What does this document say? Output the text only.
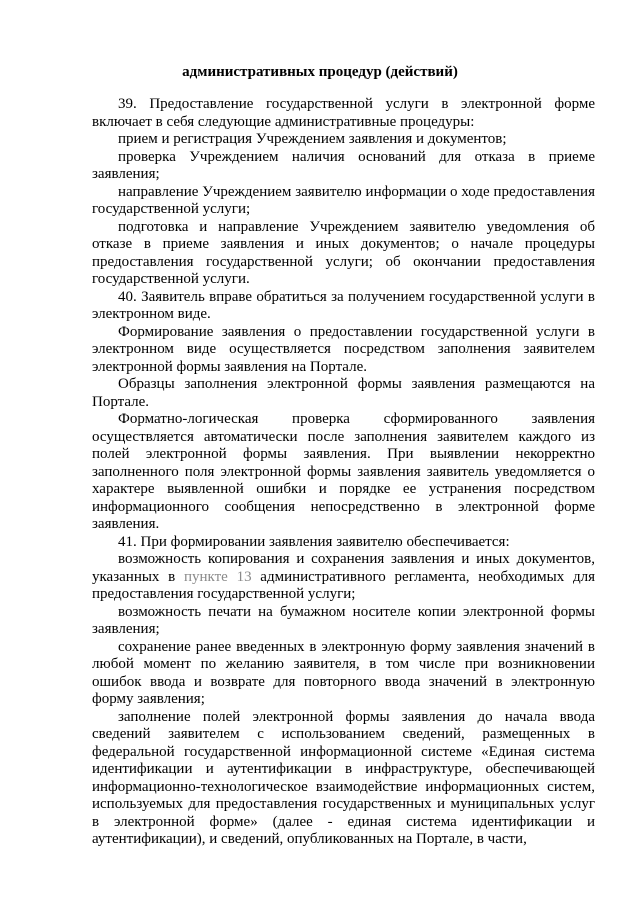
административных процедур (действий)

39. Предоставление государственной услуги в электронной форме включает в себя следующие административные процедуры:

прием и регистрация Учреждением заявления и документов;

проверка Учреждением наличия оснований для отказа в приеме заявления;

направление Учреждением заявителю информации о ходе предоставления государственной услуги;

подготовка и направление Учреждением заявителю уведомления об отказе в приеме заявления и иных документов; о начале процедуры предоставления государственной услуги; об окончании предоставления государственной услуги.

40. Заявитель вправе обратиться за получением государственной услуги в электронном виде.

Формирование заявления о предоставлении государственной услуги в электронном виде осуществляется посредством заполнения заявителем электронной формы заявления на Портале.

Образцы заполнения электронной формы заявления размещаются на Портале.

Форматно-логическая проверка сформированного заявления осуществляется автоматически после заполнения заявителем каждого из полей электронной формы заявления. При выявлении некорректно заполненного поля электронной формы заявления заявитель уведомляется о характере выявленной ошибки и порядке ее устранения посредством информационного сообщения непосредственно в электронной форме заявления.

41. При формировании заявления заявителю обеспечивается:

возможность копирования и сохранения заявления и иных документов, указанных в пункте 13 административного регламента, необходимых для предоставления государственной услуги;

возможность печати на бумажном носителе копии электронной формы заявления;

сохранение ранее введенных в электронную форму заявления значений в любой момент по желанию заявителя, в том числе при возникновении ошибок ввода и возврате для повторного ввода значений в электронную форму заявления;

заполнение полей электронной формы заявления до начала ввода сведений заявителем с использованием сведений, размещенных в федеральной государственной информационной системе «Единая система идентификации и аутентификации в инфраструктуре, обеспечивающей информационно-технологическое взаимодействие информационных систем, используемых для предоставления государственных и муниципальных услуг в электронной форме» (далее - единая система идентификации и аутентификации), и сведений, опубликованных на Портале, в части,
